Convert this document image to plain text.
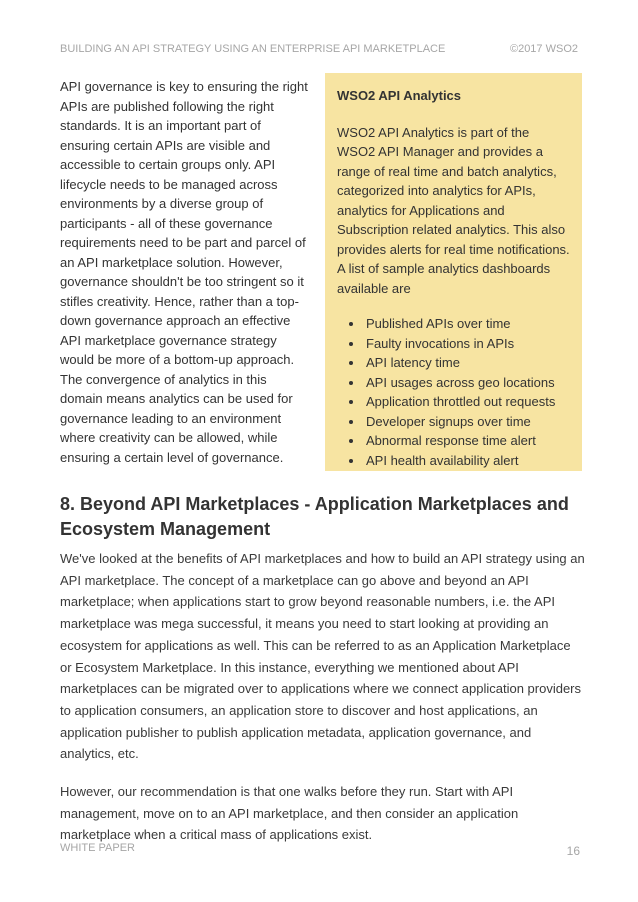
BUILDING AN API STRATEGY USING AN ENTERPRISE API MARKETPLACE	©2017 WSO2
API governance is key to ensuring the right APIs are published following the right standards. It is an important part of ensuring certain APIs are visible and accessible to certain groups only. API lifecycle needs to be managed across environments by a diverse group of participants - all of these governance requirements need to be part and parcel of an API marketplace solution. However, governance shouldn't be too stringent so it stifles creativity. Hence, rather than a top-down governance approach an effective API marketplace governance strategy would be more of a bottom-up approach. The convergence of analytics in this domain means analytics can be used for governance leading to an environment where creativity can be allowed, while ensuring a certain level of governance.
WSO2 API Analytics
WSO2 API Analytics is part of the WSO2 API Manager and provides a range of real time and batch analytics, categorized into analytics for APIs, analytics for Applications and Subscription related analytics. This also provides alerts for real time notifications. A list of sample analytics dashboards available are
• Published APIs over time
• Faulty invocations in APIs
• API latency time
• API usages across geo locations
• Application throttled out requests
• Developer signups over time
• Abnormal response time alert
• API health availability alert
8. Beyond API Marketplaces - Application Marketplaces and Ecosystem Management

We've looked at the benefits of API marketplaces and how to build an API strategy using an API marketplace. The concept of a marketplace can go above and beyond an API marketplace; when applications start to grow beyond reasonable numbers, i.e. the API marketplace was mega successful, it means you need to start looking at providing an ecosystem for applications as well. This can be referred to as an Application Marketplace or Ecosystem Marketplace. In this instance, everything we mentioned about API marketplaces can be migrated over to applications where we connect application providers to application consumers, an application store to discover and host applications, an application publisher to publish application metadata, application governance, and analytics, etc.

However, our recommendation is that one walks before they run. Start with API management, move on to an API marketplace, and then consider an application marketplace when a critical mass of applications exist.

WHITE PAPER	16
